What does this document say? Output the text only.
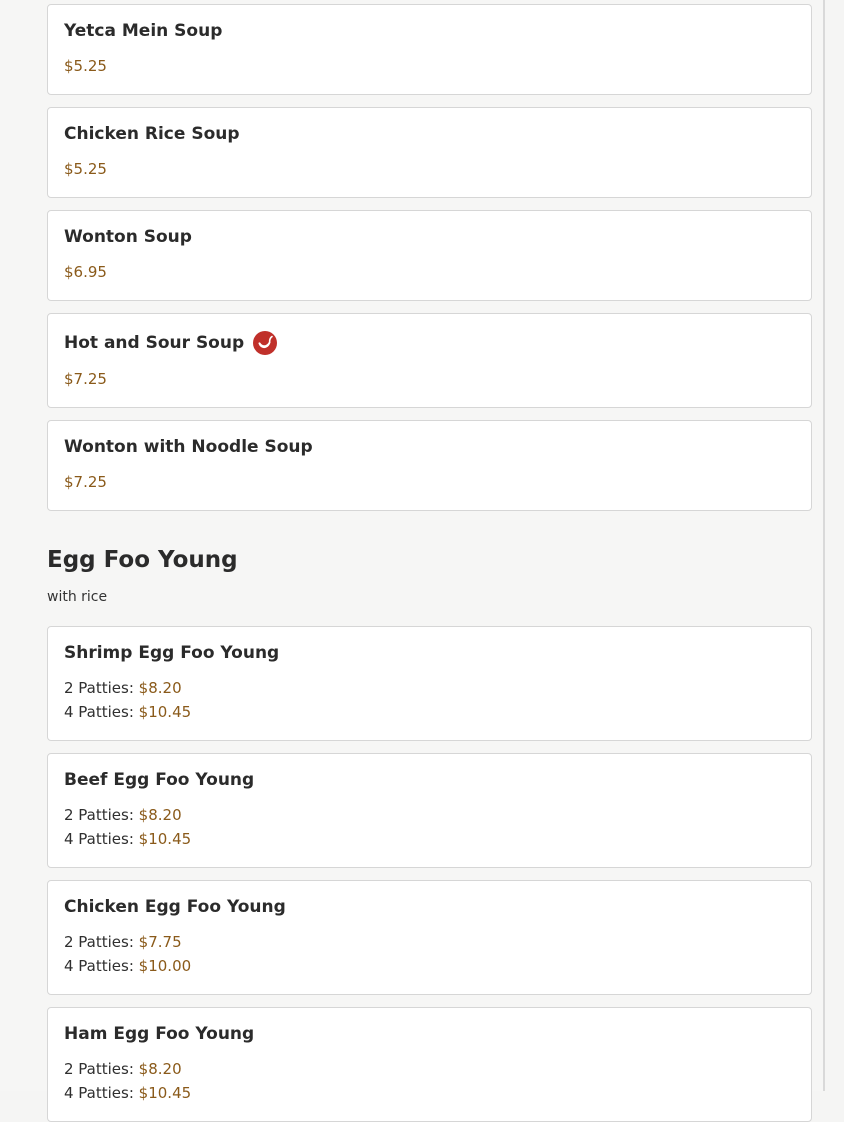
Yetca Mein Soup
$5.25
Chicken Rice Soup
$5.25
Wonton Soup
$6.95
Hot and Sour Soup
$7.25
Wonton with Noodle Soup
$7.25
Egg Foo Young
with rice
Shrimp Egg Foo Young
2 Patties: $8.20
4 Patties: $10.45
Beef Egg Foo Young
2 Patties: $8.20
4 Patties: $10.45
Chicken Egg Foo Young
2 Patties: $7.75
4 Patties: $10.00
Ham Egg Foo Young
2 Patties: $8.20
4 Patties: $10.45
